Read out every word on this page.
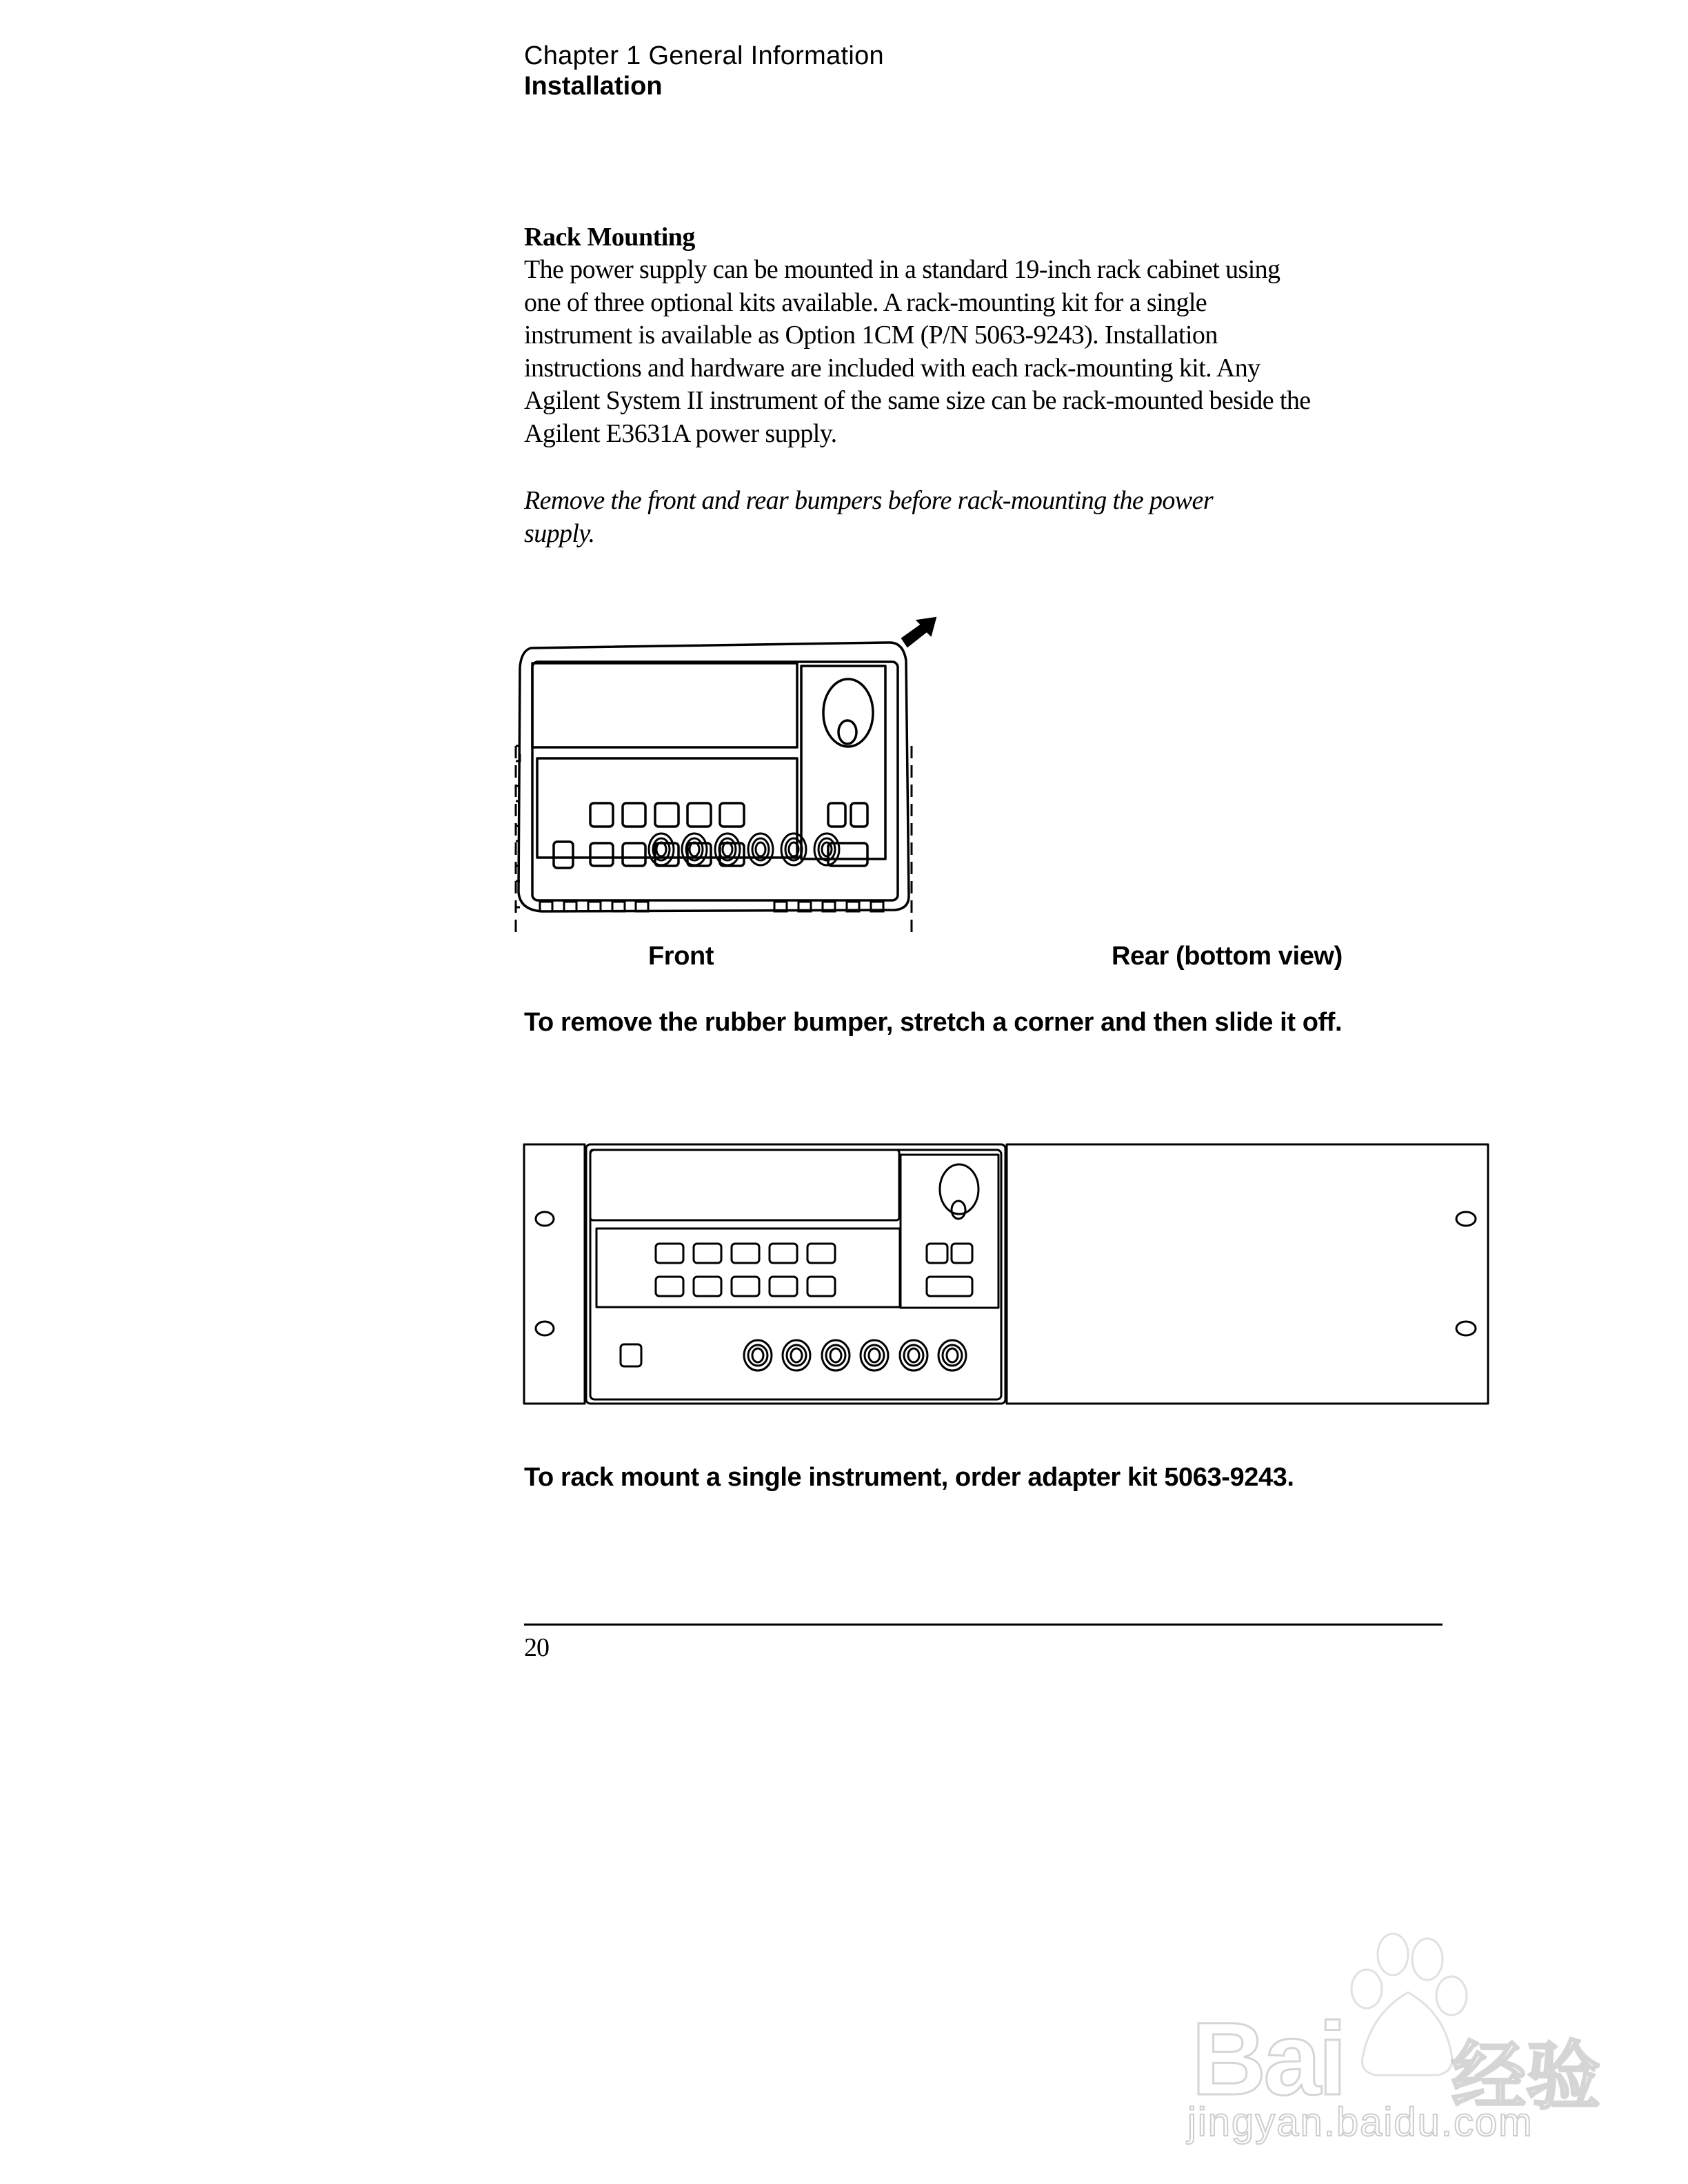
Chapter 1 General Information
Installation
Rack Mounting
The power supply can be mounted in a standard 19-inch rack cabinet using
one of three optional kits available. A rack-mounting kit for a single
instrument is available as Option 1CM (P/N 5063-9243). Installation
instructions and hardware are included with each rack-mounting kit. Any
Agilent System II instrument of the same size can be rack-mounted beside the
Agilent E3631A power supply.
Remove the front and rear bumpers before rack-mounting the power
supply.
Front	Rear (bottom view)
To remove the rubber bumper, stretch a corner and then slide it off.
To rack mount a single instrument, order adapter kit 5063-9243.
20
Bai 经验
jingyan.baidu.com
